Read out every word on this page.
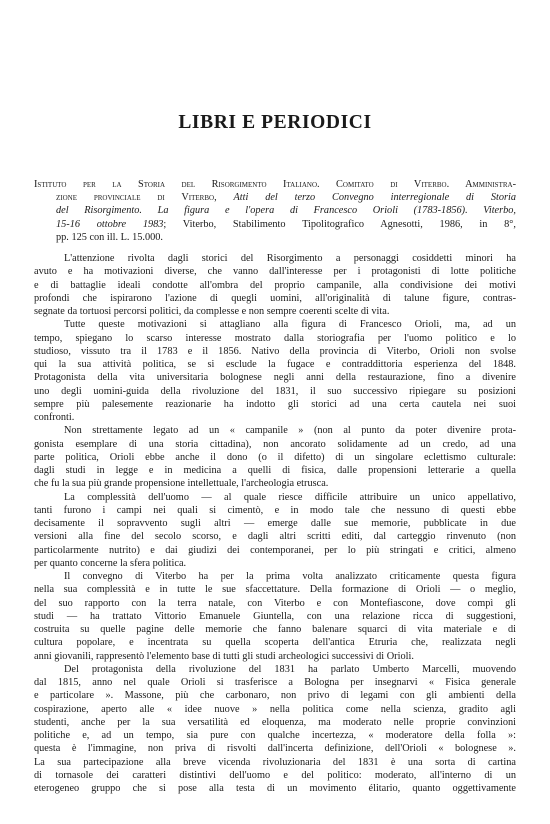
LIBRI E PERIODICI
Istituto per la Storia del Risorgimento Italiano. Comitato di Viterbo. Amministra-
zione provinciale di Viterbo, Atti del terzo Convegno interregionale di Storia
del Risorgimento. La figura e l'opera di Francesco Orioli (1783-1856). Viterbo,
15-16 ottobre 1983; Viterbo, Stabilimento Tipolitografico Agnesotti, 1986, in 8°,
pp. 125 con ill. L. 15.000.

L'attenzione rivolta dagli storici del Risorgimento a personaggi cosiddetti minori ha
avuto e ha motivazioni diverse, che vanno dall'interesse per i protagonisti di lotte politiche
e di battaglie ideali condotte all'ombra del proprio campanile, alla condivisione dei motivi
profondi che ispirarono l'azione di quegli uomini, all'originalità di talune figure, contras-
segnate da tortuosi percorsi politici, da complesse e non sempre coerenti scelte di vita.

Tutte queste motivazioni si attagliano alla figura di Francesco Orioli, ma, ad un
tempo, spiegano lo scarso interesse mostrato dalla storiografia per l'uomo politico e lo
studioso, vissuto tra il 1783 e il 1856. Nativo della provincia di Viterbo, Orioli non svolse
qui la sua attività politica, se si esclude la fugace e contraddittoria esperienza del 1848.
Protagonista della vita universitaria bolognese negli anni della restaurazione, fino a divenire
uno degli uomini-guida della rivoluzione del 1831, il suo successivo ripiegare su posizioni
sempre più palesemente reazionarie ha indotto gli storici ad una certa cautela nei suoi
confronti.

Non strettamente legato ad un « campanile » (non al punto da poter divenire prota-
gonista esemplare di una storia cittadina), non ancorato solidamente ad un credo, ad una
parte politica, Orioli ebbe anche il dono (o il difetto) di un singolare eclettismo culturale:
dagli studi in legge e in medicina a quelli di fisica, dalle propensioni letterarie a quella
che fu la sua più grande propensione intellettuale, l'archeologia etrusca.

La complessità dell'uomo — al quale riesce difficile attribuire un unico appellativo,
tanti furono i campi nei quali si cimentò, e in modo tale che nessuno di questi ebbe
decisamente il sopravvento sugli altri — emerge dalle sue memorie, pubblicate in due
versioni alla fine del secolo scorso, e dagli altri scritti editi, dal carteggio rinvenuto (non
particolarmente nutrito) e dai giudizi dei contemporanei, per lo più stringati e critici, almeno
per quanto concerne la sfera politica.

Il convegno di Viterbo ha per la prima volta analizzato criticamente questa figura
nella sua complessità e in tutte le sue sfaccettature. Della formazione di Orioli — o meglio,
del suo rapporto con la terra natale, con Viterbo e con Montefiascone, dove compì gli
studi — ha trattato Vittorio Emanuele Giuntella, con una relazione ricca di suggestioni,
costruita su quelle pagine delle memorie che fanno balenare squarci di vita materiale e di
cultura popolare, e incentrata su quella scoperta dell'antica Etruria che, realizzata negli
anni giovanili, rappresentò l'elemento base di tutti gli studi archeologici successivi di Orioli.

Del protagonista della rivoluzione del 1831 ha parlato Umberto Marcelli, muovendo
dal 1815, anno nel quale Orioli si trasferisce a Bologna per insegnarvi « Fisica generale
e particolare ». Massone, più che carbonaro, non privo di legami con gli ambienti della
cospirazione, aperto alle « idee nuove » nella politica come nella scienza, gradito agli
studenti, anche per la sua versatilità ed eloquenza, ma moderato nelle proprie convinzioni
politiche e, ad un tempo, sia pure con qualche incertezza, « moderatore della folla »:
questa è l'immagine, non priva di risvolti dall'incerta definizione, dell'Orioli « bolognese ».
La sua partecipazione alla breve vicenda rivoluzionaria del 1831 è una sorta di cartina
di tornasole dei caratteri distintivi dell'uomo e del politico: moderato, all'interno di un
eterogeneo gruppo che si pose alla testa di un movimento élitario, quanto oggettivamente
